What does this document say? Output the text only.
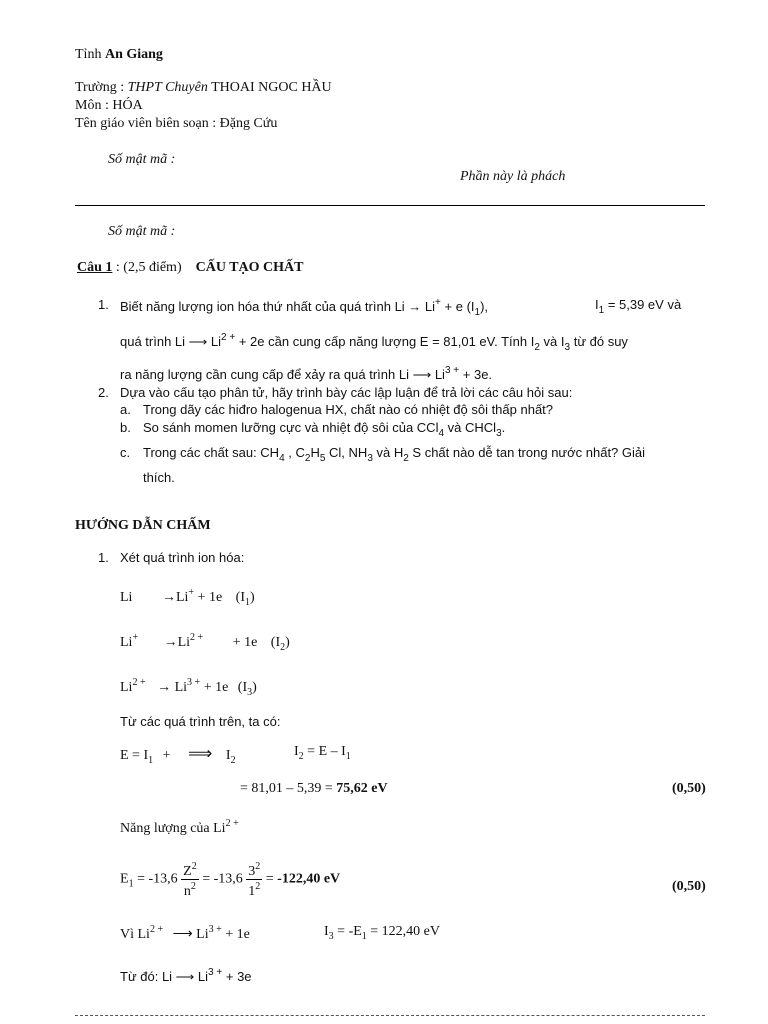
Tỉnh An Giang
Trường : THPT Chuyên THOAI NGOC HẦU
Môn : HÓA
Tên giáo viên biên soạn : Đặng Cứu
Số mật mã :
Phần này là phách
Số mật mã :
Câu 1 : (2,5 điểm) CẤU TẠO CHẤT
1. Biết năng lượng ion hóa thứ nhất của quá trình Li → Li+ + e $(I_1)$,	$I_1 = 5,39$ eV và
quá trình Li ⟶ $Li^{2 +} + 2e$ cần cung cấp năng lượng E = 81,01 eV. Tính $I_2$ và $I_3$ từ đó suy
ra năng lượng cần cung cấp để xảy ra quá trình Li ⟶ $Li^{3 +} + 3e$.
2. Dựa vào cấu tạo phân tử, hãy trình bày các lập luận để trả lời các câu hỏi sau:
a. Trong dãy các hiđro halogenua HX, chất nào có nhiệt độ sôi thấp nhất?
b. So sánh momen lưỡng cực và nhiệt độ sôi của CCl$_4$ và CHCl$_3$.
c. Trong các chất sau: $CH_4$ , $C_2H_5$ Cl, $NH_3$ và $H_2$ S chất nào dễ tan trong nước nhất? Giải
thích.
HƯỚNG DẪN CHẤM
1. Xét quá trình ion hóa:
Li →Li+ + 1e $(I_1)$
$Li^+ \to Li^{2 +} + 1e$ $(I_2)$
$Li^{2 +} \to Li^{3 +} + 1e$ $(I_3)$
Từ các quá trình trên, ta có:
$E = I_1$ + ⟹ $I_2$
$I_2 = E - I_1$
= 81,01 – 5,39 = 75,62 eV	(0,50)
Năng lượng của $Li^{2 +}$
$E_1 = -13,6 \frac{Z^2}{n^2} = -13,6 \frac{3^2}{1^2} = -122,40$ eV	(0,50)
Vì $Li^{2 +}$ ⟶ $Li^{3 +} + 1e$	$I_3 = -E_1 = 122,40$ eV
Từ đó: Li ⟶ $Li^{3 +} + 3e$
